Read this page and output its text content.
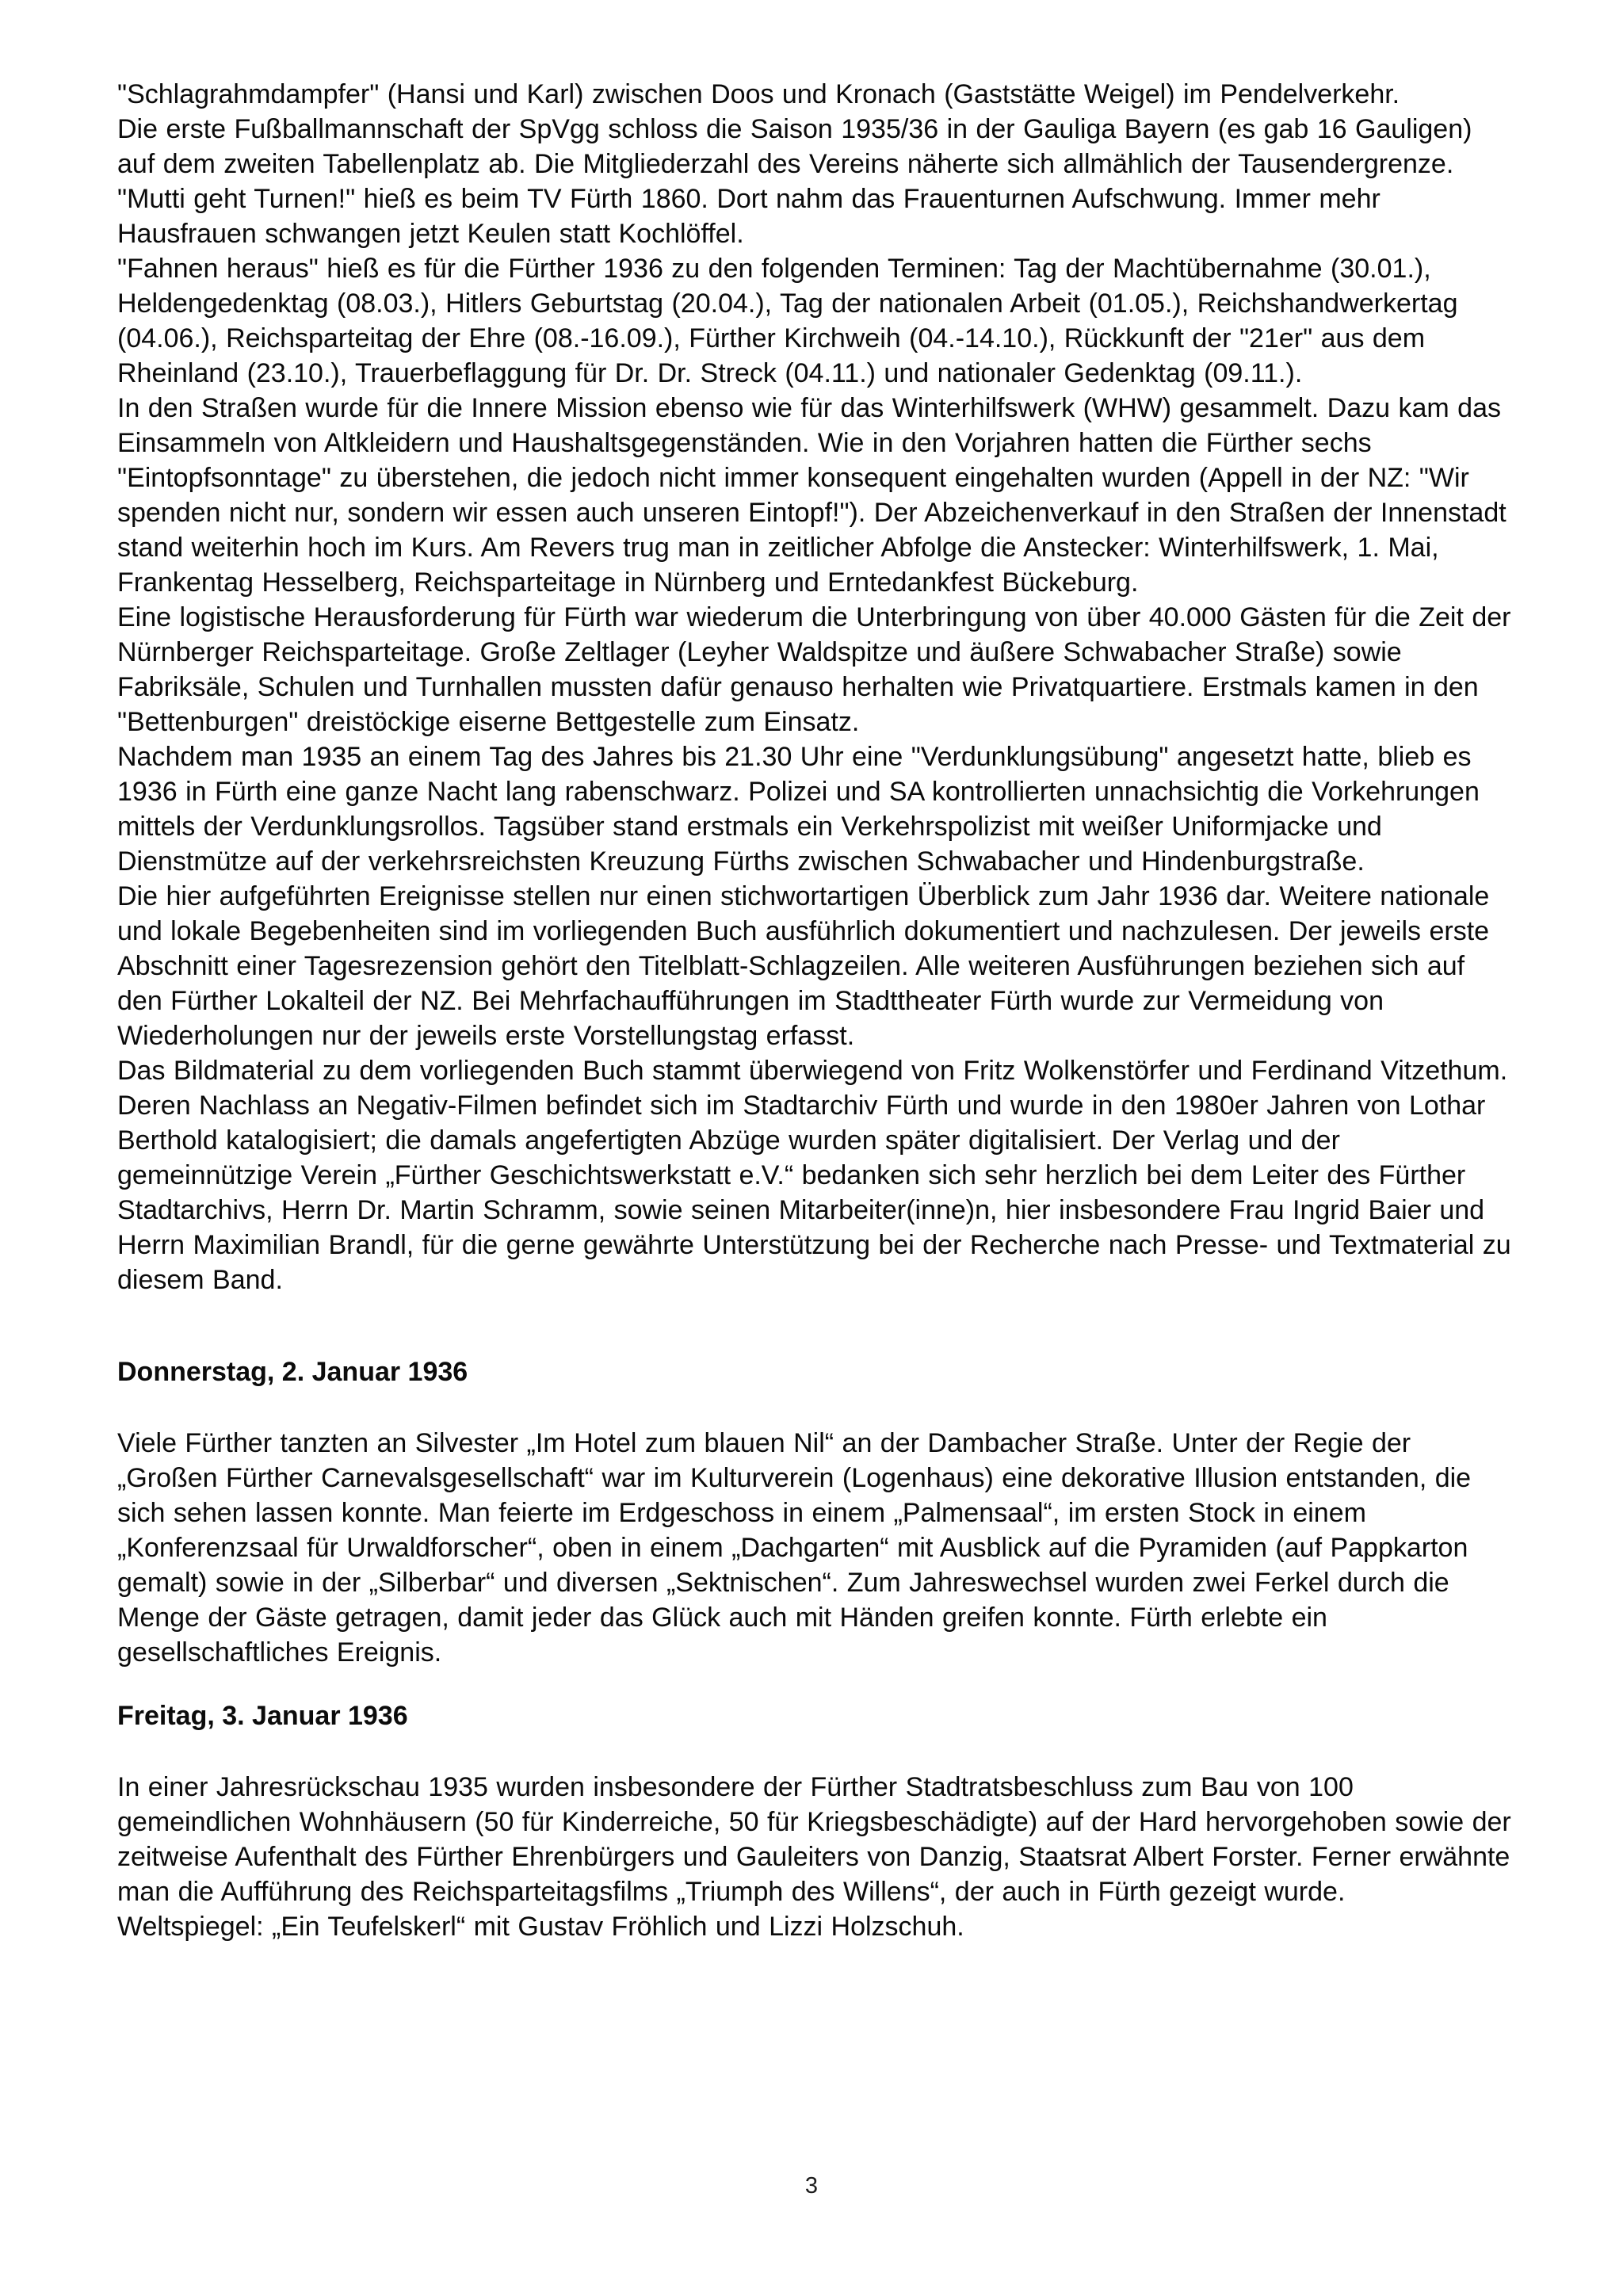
"Schlagrahmdampfer" (Hansi und Karl) zwischen Doos und Kronach (Gaststätte Weigel) im Pendelverkehr.

Die erste Fußballmannschaft der SpVgg schloss die Saison 1935/36 in der Gauliga Bayern (es gab 16 Gauligen) auf dem zweiten Tabellenplatz ab. Die Mitgliederzahl des Vereins näherte sich allmählich der Tausendergrenze. "Mutti geht Turnen!" hieß es beim TV Fürth 1860. Dort nahm das Frauenturnen Aufschwung. Immer mehr Hausfrauen schwangen jetzt Keulen statt Kochlöffel.

"Fahnen heraus" hieß es für die Fürther 1936 zu den folgenden Terminen: Tag der Machtübernahme (30.01.), Heldengedenktag (08.03.), Hitlers Geburtstag (20.04.), Tag der nationalen Arbeit (01.05.), Reichshandwerkertag (04.06.), Reichsparteitag der Ehre (08.-16.09.), Fürther Kirchweih (04.-14.10.), Rückkunft der "21er" aus dem Rheinland (23.10.), Trauerbeflaggung für Dr. Dr. Streck (04.11.) und nationaler Gedenktag (09.11.).

In den Straßen wurde für die Innere Mission ebenso wie für das Winterhilfswerk (WHW) gesammelt. Dazu kam das Einsammeln von Altkleidern und Haushaltsgegenständen. Wie in den Vorjahren hatten die Fürther sechs "Eintopfsonntage" zu überstehen, die jedoch nicht immer konsequent eingehalten wurden (Appell in der NZ: "Wir spenden nicht nur, sondern wir essen auch unseren Eintopf!"). Der Abzeichenverkauf in den Straßen der Innenstadt stand weiterhin hoch im Kurs. Am Revers trug man in zeitlicher Abfolge die Anstecker: Winterhilfswerk, 1. Mai, Frankentag Hesselberg, Reichsparteitage in Nürnberg und Erntedankfest Bückeburg.

Eine logistische Herausforderung für Fürth war wiederum die Unterbringung von über 40.000 Gästen für die Zeit der Nürnberger Reichsparteitage. Große Zeltlager (Leyher Waldspitze und äußere Schwabacher Straße) sowie Fabriksäle, Schulen und Turnhallen mussten dafür genauso herhalten wie Privatquartiere. Erstmals kamen in den "Bettenburgen" dreistöckige eiserne Bettgestelle zum Einsatz.

Nachdem man 1935 an einem Tag des Jahres bis 21.30 Uhr eine "Verdunklungsübung" angesetzt hatte, blieb es 1936 in Fürth eine ganze Nacht lang rabenschwarz. Polizei und SA kontrollierten unnachsichtig die Vorkehrungen mittels der Verdunklungsrollos. Tagsüber stand erstmals ein Verkehrspolizist mit weißer Uniformjacke und Dienstmütze auf der verkehrsreichsten Kreuzung Fürths zwischen Schwabacher und Hindenburgstraße.

Die hier aufgeführten Ereignisse stellen nur einen stichwortartigen Überblick zum Jahr 1936 dar. Weitere nationale und lokale Begebenheiten sind im vorliegenden Buch ausführlich dokumentiert und nachzulesen. Der jeweils erste Abschnitt einer Tagesrezension gehört den Titelblatt-Schlagzeilen. Alle weiteren Ausführungen beziehen sich auf den Fürther Lokalteil der NZ. Bei Mehrfachaufführungen im Stadttheater Fürth wurde zur Vermeidung von Wiederholungen nur der jeweils erste Vorstellungstag erfasst.

Das Bildmaterial zu dem vorliegenden Buch stammt überwiegend von Fritz Wolkenstörfer und Ferdinand Vitzethum. Deren Nachlass an Negativ-Filmen befindet sich im Stadtarchiv Fürth und wurde in den 1980er Jahren von Lothar Berthold katalogisiert; die damals angefertigten Abzüge wurden später digitalisiert. Der Verlag und der gemeinnützige Verein „Fürther Geschichtswerkstatt e.V.“ bedanken sich sehr herzlich bei dem Leiter des Fürther Stadtarchivs, Herrn Dr. Martin Schramm, sowie seinen Mitarbeiter(inne)n, hier insbesondere Frau Ingrid Baier und Herrn Maximilian Brandl, für die gerne gewährte Unterstützung bei der Recherche nach Presse- und Textmaterial zu diesem Band.

Donnerstag, 2. Januar 1936

Viele Fürther tanzten an Silvester „Im Hotel zum blauen Nil“ an der Dambacher Straße. Unter der Regie der „Großen Fürther Carnevalsgesellschaft“ war im Kulturverein (Logenhaus) eine dekorative Illusion entstanden, die sich sehen lassen konnte. Man feierte im Erdgeschoss in einem „Palmensaal“, im ersten Stock in einem „Konferenzsaal für Urwaldforscher“, oben in einem „Dachgarten“ mit Ausblick auf die Pyramiden (auf Pappkarton gemalt) sowie in der „Silberbar“ und diversen „Sektnischen“. Zum Jahreswechsel wurden zwei Ferkel durch die Menge der Gäste getragen, damit jeder das Glück auch mit Händen greifen konnte. Fürth erlebte ein gesellschaftliches Ereignis.

Freitag, 3. Januar 1936

In einer Jahresrückschau 1935 wurden insbesondere der Fürther Stadtratsbeschluss zum Bau von 100 gemeindlichen Wohnhäusern (50 für Kinderreiche, 50 für Kriegsbeschädigte) auf der Hard hervorgehoben sowie der zeitweise Aufenthalt des Fürther Ehrenbürgers und Gauleiters von Danzig, Staatsrat Albert Forster. Ferner erwähnte man die Aufführung des Reichsparteitagsfilms „Triumph des Willens“, der auch in Fürth gezeigt wurde.

Weltspiegel: „Ein Teufelskerl“ mit Gustav Fröhlich und Lizzi Holzschuh.

3
